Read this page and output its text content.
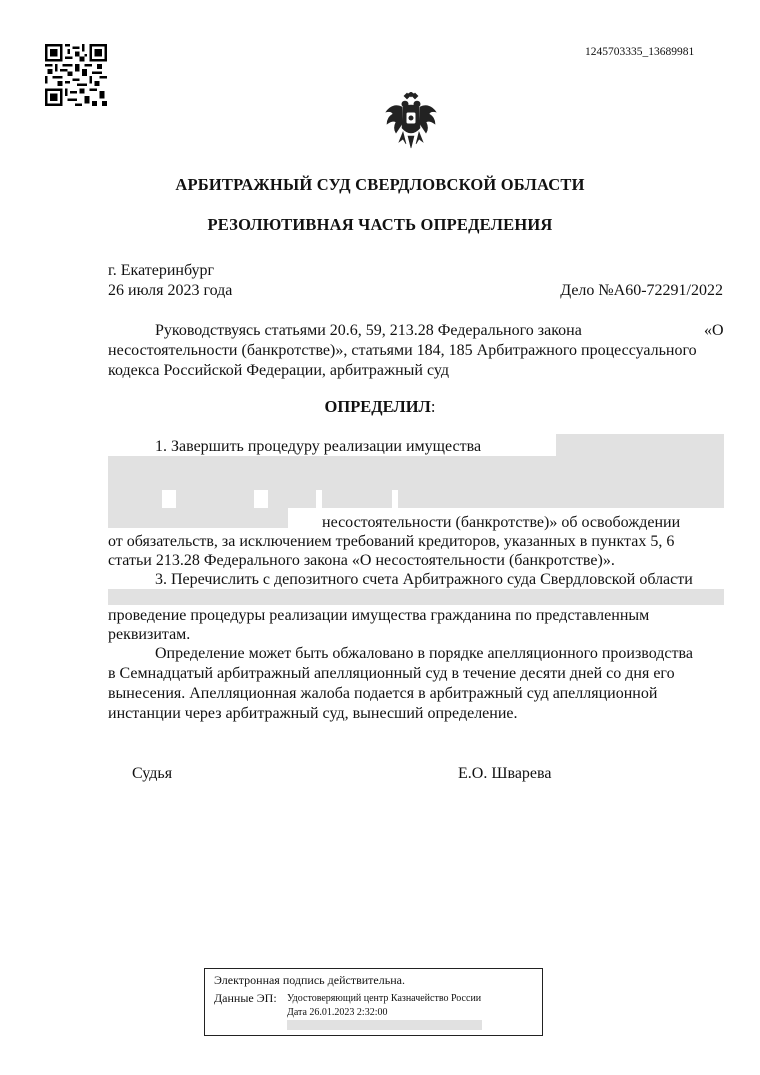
1245703335_13689981
АРБИТРАЖНЫЙ СУД СВЕРДЛОВСКОЙ ОБЛАСТИ
РЕЗОЛЮТИВНАЯ ЧАСТЬ ОПРЕДЕЛЕНИЯ
г. Екатеринбург
26 июля 2023 года	Дело №А60-72291/2022
Руководствуясь статьями 20.6, 59, 213.28 Федерального закона	«О
несостоятельности (банкротстве)», статьями 184, 185 Арбитражного процессуального
кодекса Российской Федерации, арбитражный суд
ОПРЕДЕЛИЛ:
1. Завершить процедуру реализации имущества
несостоятельности (банкротстве)» об освобождении
от обязательств, за исключением требований кредиторов, указанных в пунктах 5, 6
статьи 213.28 Федерального закона «О несостоятельности (банкротстве)».
3. Перечислить с депозитного счета Арбитражного суда Свердловской области
проведение процедуры реализации имущества гражданина по представленным
реквизитам.
Определение может быть обжаловано в порядке апелляционного производства
в Семнадцатый арбитражный апелляционный суд в течение десяти дней со дня его
вынесения. Апелляционная жалоба подается в арбитражный суд апелляционной
инстанции через арбитражный суд, вынесший определение.
Судья	Е.О. Шварева
Электронная подпись действительна.
Данные ЭП: Удостоверяющий центр Казначейство России
Дата 26.01.2023 2:32:00
